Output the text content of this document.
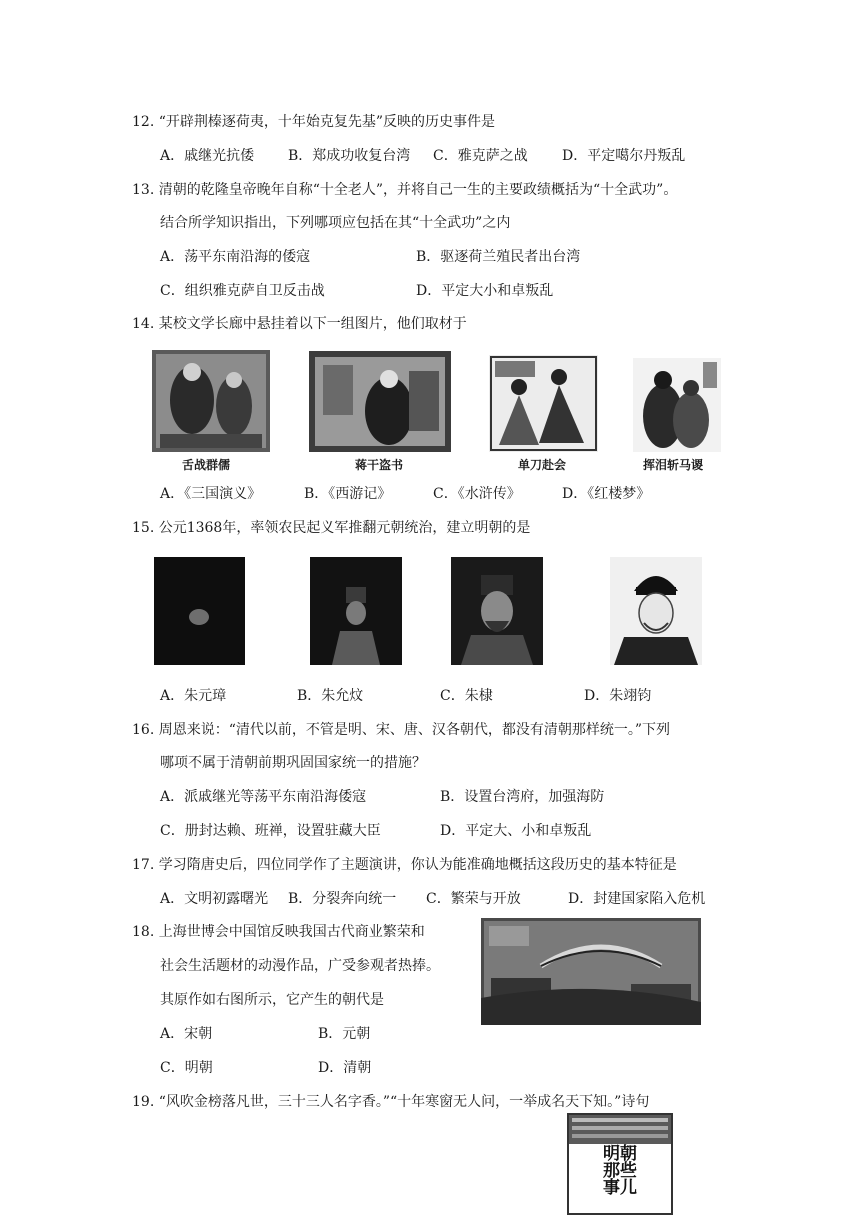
12. “开辟荆榛逐荷夷，十年始克复先基”反映的历史事件是
A．戚继光抗倭 B．郑成功收复台湾 C．雅克萨之战 D．平定噶尔丹叛乱
13. 清朝的乾隆皇帝晚年自称“十全老人”，并将自己一生的主要政绩概括为“十全武功”。
结合所学知识指出，下列哪项应包括在其“十全武功”之内
A．荡平东南沿海的倭寇	B．驱逐荷兰殖民者出台湾
C．组织雅克萨自卫反击战	D．平定大小和卓叛乱
14. 某校文学长廊中悬挂着以下一组图片，他们取材于
舌战群儒	蒋干盗书	单刀赴会	挥泪斩马谡
A．《三国演义》	B．《西游记》	C．《水浒传》	D．《红楼梦》
15. 公元1368年，率领农民起义军推翻元朝统治，建立明朝的是
A．朱元璋	B．朱允炆	C．朱棣	D．朱翊钧
16. 周恩来说：“清代以前，不管是明、宋、唐、汉各朝代，都没有清朝那样统一。”下列
哪项不属于清朝前期巩固国家统一的措施？
A．派戚继光等荡平东南沿海倭寇	B．设置台湾府，加强海防
C．册封达赖、班禅，设置驻藏大臣	D．平定大、小和卓叛乱
17. 学习隋唐史后，四位同学作了主题演讲，你认为能准确地概括这段历史的基本特征是
A．文明初露曙光 B．分裂奔向统一 C．繁荣与开放	D．封建国家陷入危机
18. 上海世博会中国馆反映我国古代商业繁荣和
社会生活题材的动漫作品，广受参观者热捧。
其原作如右图所示，它产生的朝代是
A．宋朝	B．元朝
C．明朝	D．清朝
19. “风吹金榜落凡世，三十三人名字香。”“十年寒窗无人问，一举成名天下知。”诗句
明朝那些事儿
